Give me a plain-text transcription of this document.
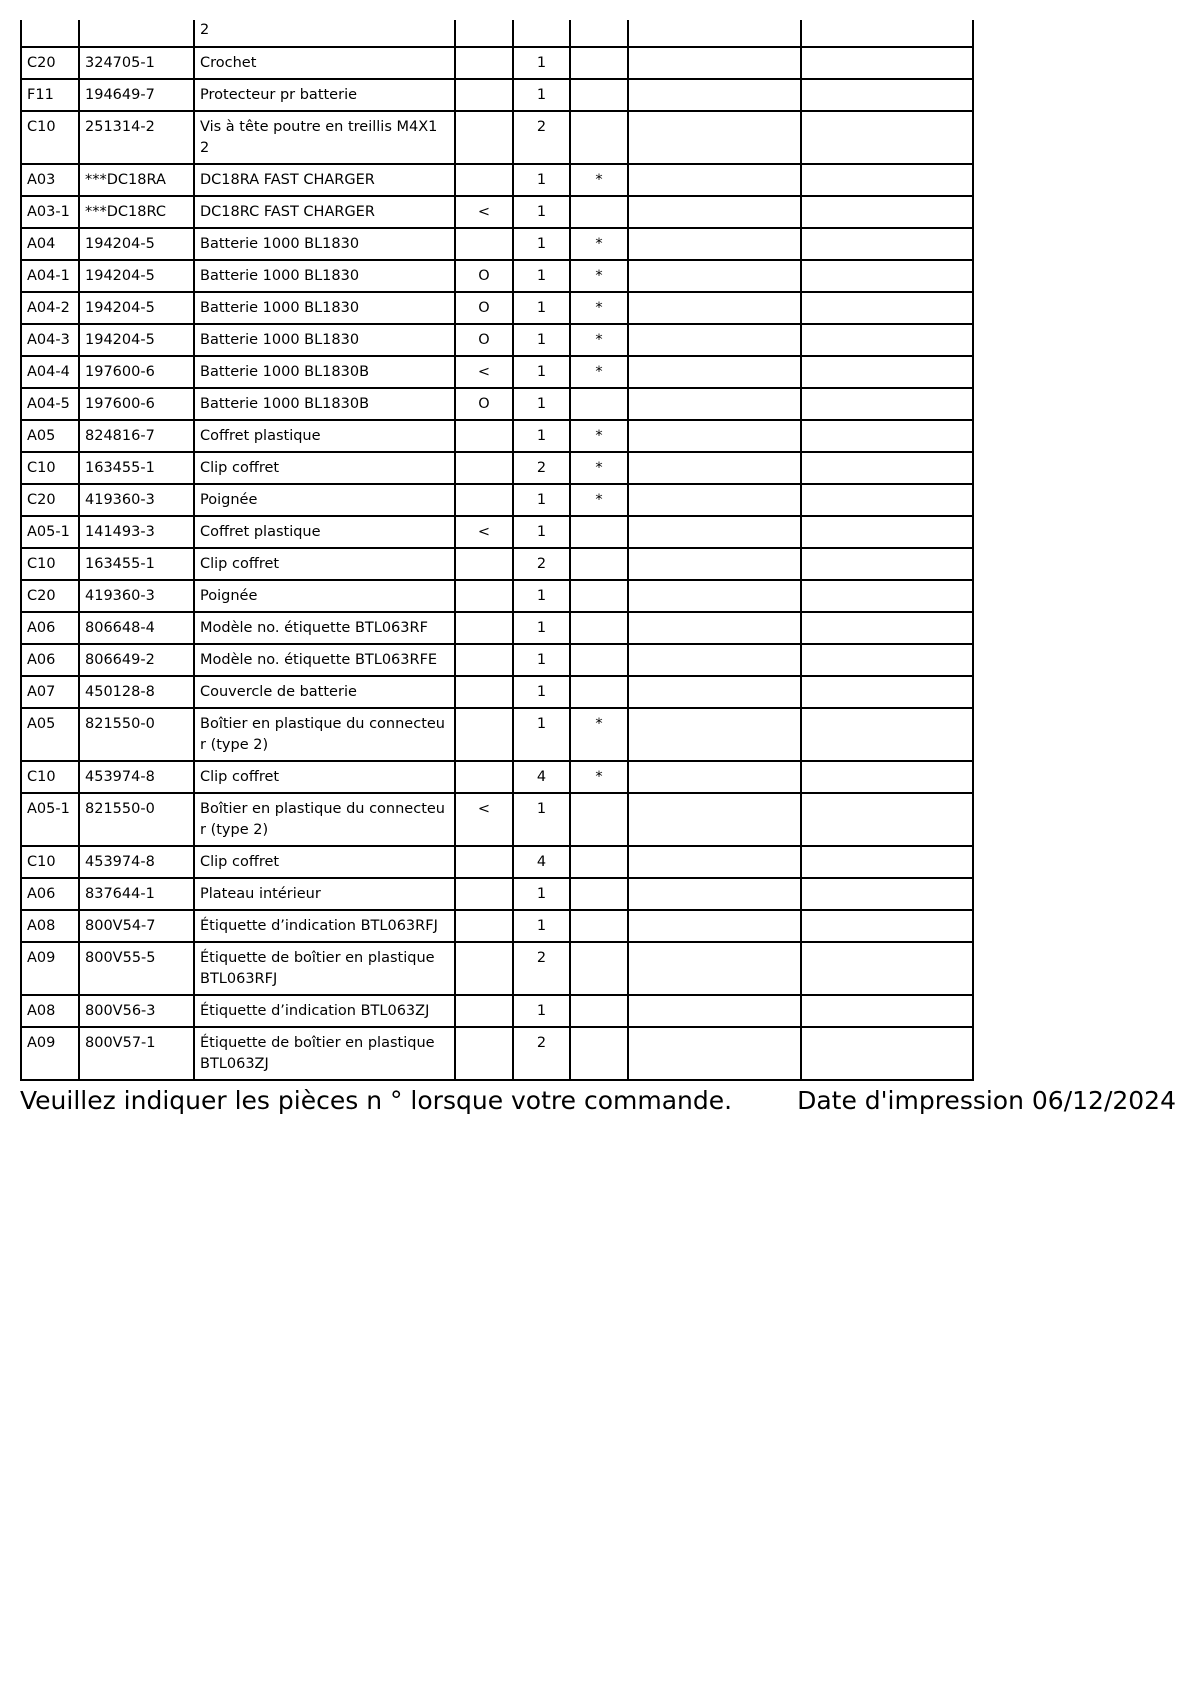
		2					
C20	324705-1	Crochet		1			
F11	194649-7	Protecteur pr batterie		1			
C10	251314-2	Vis à tête poutre en treillis M4X1 2		2			
A03	***DC18RA	DC18RA FAST CHARGER		1	*		
A03-1	***DC18RC	DC18RC FAST CHARGER	<	1			
A04	194204-5	Batterie 1000 BL1830		1	*		
A04-1	194204-5	Batterie 1000 BL1830	O	1	*		
A04-2	194204-5	Batterie 1000 BL1830	O	1	*		
A04-3	194204-5	Batterie 1000 BL1830	O	1	*		
A04-4	197600-6	Batterie 1000 BL1830B	<	1	*		
A04-5	197600-6	Batterie 1000 BL1830B	O	1			
A05	824816-7	Coffret plastique		1	*		
C10	163455-1	Clip coffret		2	*		
C20	419360-3	Poignée		1	*		
A05-1	141493-3	Coffret plastique	<	1			
C10	163455-1	Clip coffret		2			
C20	419360-3	Poignée		1			
A06	806648-4	Modèle no. étiquette BTL063RF		1			
A06	806649-2	Modèle no. étiquette BTL063RFE		1			
A07	450128-8	Couvercle de batterie		1			
A05	821550-0	Boîtier en plastique du connecteur (type 2)		1	*		
C10	453974-8	Clip coffret		4	*		
A05-1	821550-0	Boîtier en plastique du connecteur (type 2)	<	1			
C10	453974-8	Clip coffret		4			
A06	837644-1	Plateau intérieur		1			
A08	800V54-7	Étiquette d’indication BTL063RFJ		1			
A09	800V55-5	Étiquette de boîtier en plastique BTL063RFJ		2			
A08	800V56-3	Étiquette d’indication BTL063ZJ		1			
A09	800V57-1	Étiquette de boîtier en plastique BTL063ZJ		2			
Veuillez indiquer les pièces n ° lorsque votre commande.	Date d'impression 06/12/2024
